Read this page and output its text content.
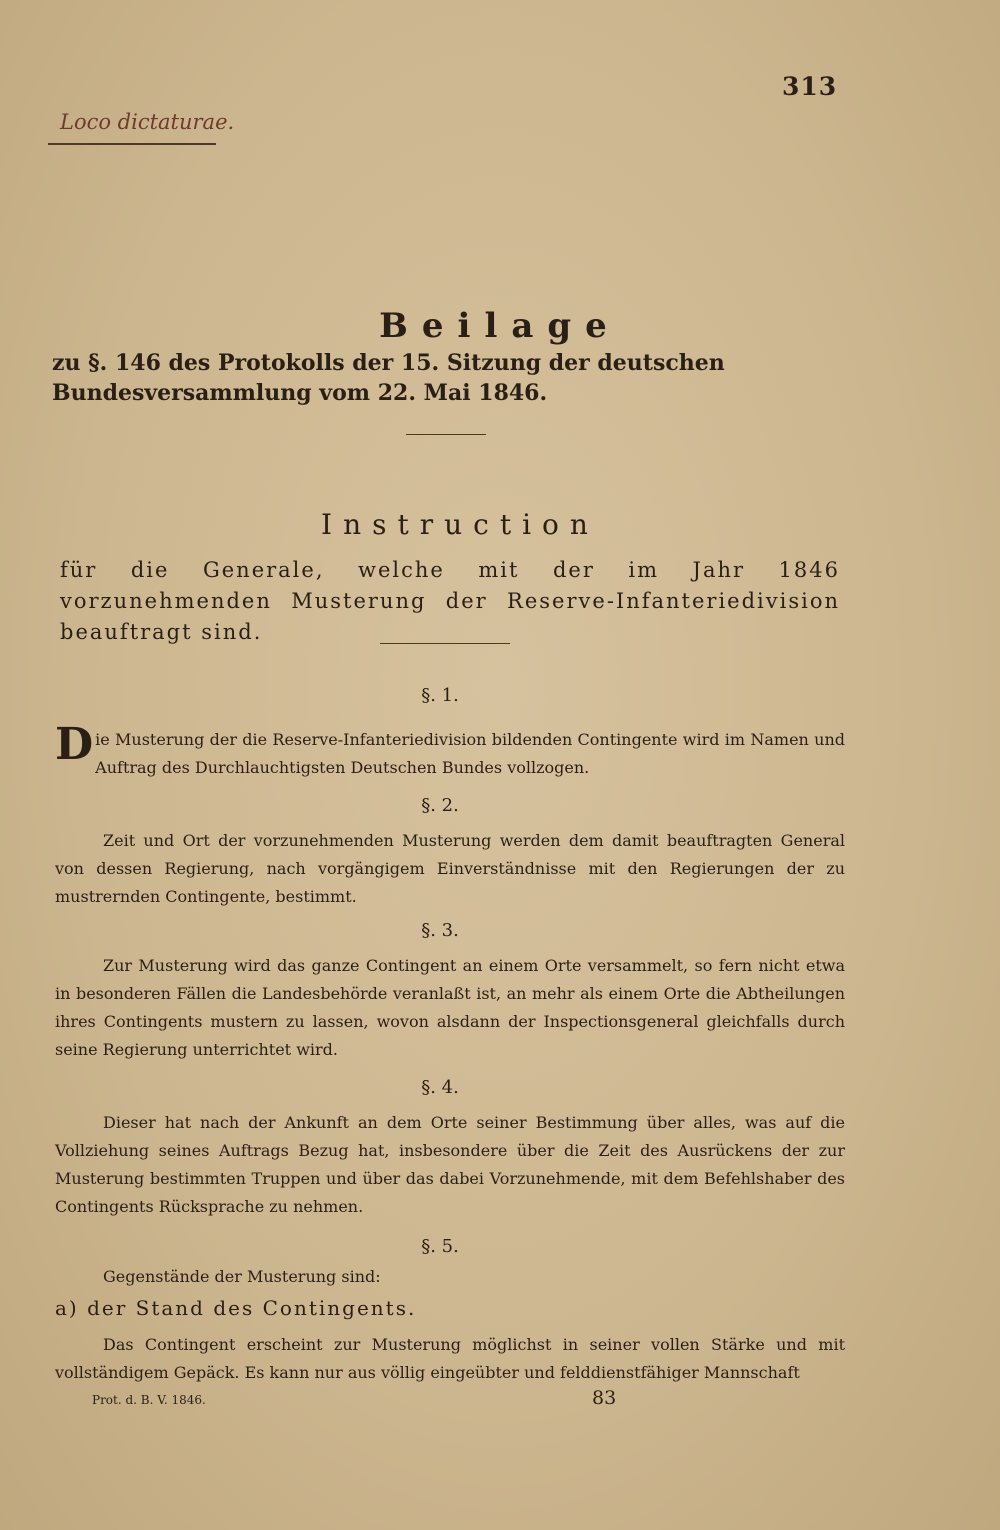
313
Loco dictaturae.
Beilage
zu §. 146 des Protokolls der 15. Sitzung der deutschen Bundesversammlung vom 22. Mai 1846.
Instruction
für die Generale, welche mit der im Jahr 1846 vorzunehmenden Musterung der Reserve-Infanteriedivision beauftragt sind.
§. 1.
Die Musterung der die Reserve-Infanteriedivision bildenden Contingente wird im Namen und Auftrag des Durchlauchtigsten Deutschen Bundes vollzogen.
§. 2.
Zeit und Ort der vorzunehmenden Musterung werden dem damit beauftragten General von dessen Regierung, nach vorgängigem Einverständnisse mit den Regierungen der zu mustrernden Contingente, bestimmt.
§. 3.
Zur Musterung wird das ganze Contingent an einem Orte versammelt, so fern nicht etwa in besonderen Fällen die Landesbehörde veranlaßt ist, an mehr als einem Orte die Abtheilungen ihres Contingents mustern zu lassen, wovon alsdann der Inspectionsgeneral gleichfalls durch seine Regierung unterrichtet wird.
§. 4.
Dieser hat nach der Ankunft an dem Orte seiner Bestimmung über alles, was auf die Vollziehung seines Auftrags Bezug hat, insbesondere über die Zeit des Ausrückens der zur Musterung bestimmten Truppen und über das dabei Vorzunehmende, mit dem Befehlshaber des Contingents Rücksprache zu nehmen.
§. 5.
Gegenstände der Musterung sind:
a) der Stand des Contingents.
Das Contingent erscheint zur Musterung möglichst in seiner vollen Stärke und mit vollständigem Gepäck. Es kann nur aus völlig eingeübter und felddienstfähiger Mannschaft
Prot. d. B. V. 1846.	83
